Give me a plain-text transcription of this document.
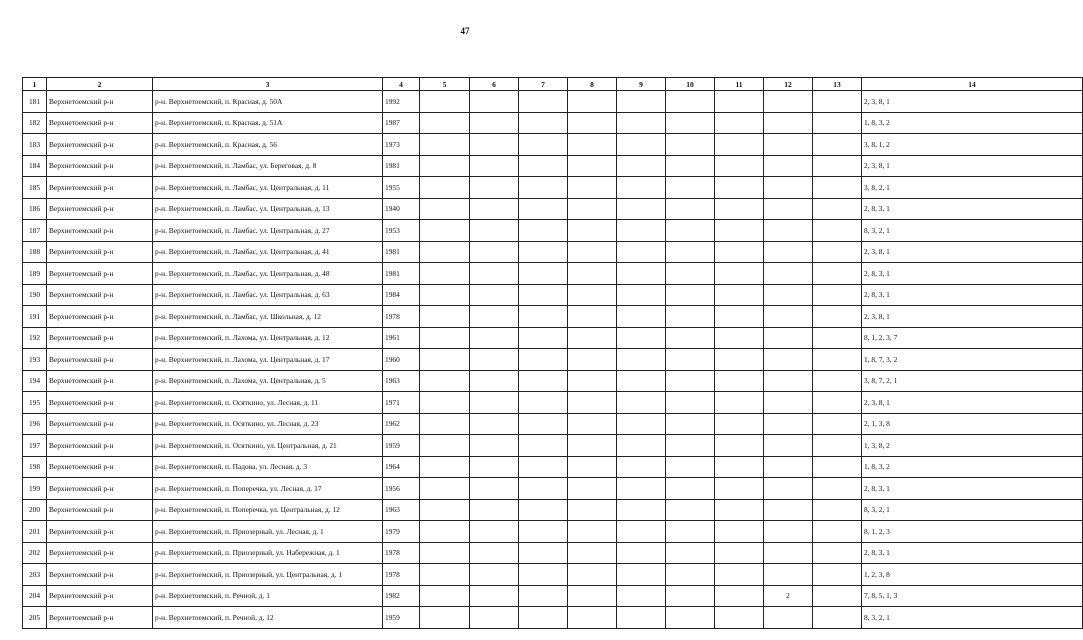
47
1	2	3	4	5	6	7	8	9	10	11	12	13	14
181	Верхнетоемский р-н	р-н. Верхнетоемский, п. Красная, д. 50А	1992										2, 3, 8, 1
182	Верхнетоемский р-н	р-н. Верхнетоемский, п. Красная, д. 51А	1987										1, 8, 3, 2
183	Верхнетоемский р-н	р-н. Верхнетоемский, п. Красная, д. 56	1973										3, 8, 1, 2
184	Верхнетоемский р-н	р-н. Верхнетоемский, п. Ламбас, ул. Береговая, д. 8	1981										2, 3, 8, 1
185	Верхнетоемский р-н	р-н. Верхнетоемский, п. Ламбас, ул. Центральная, д. 11	1955										3, 8, 2, 1
186	Верхнетоемский р-н	р-н. Верхнетоемский, п. Ламбас, ул. Центральная, д. 13	1940										2, 8, 3, 1
187	Верхнетоемский р-н	р-н. Верхнетоемский, п. Ламбас, ул. Центральная, д. 27	1953										8, 3, 2, 1
188	Верхнетоемский р-н	р-н. Верхнетоемский, п. Ламбас, ул. Центральная, д. 41	1981										2, 3, 8, 1
189	Верхнетоемский р-н	р-н. Верхнетоемский, п. Ламбас, ул. Центральная, д. 48	1981										2, 8, 3, 1
190	Верхнетоемский р-н	р-н. Верхнетоемский, п. Ламбас, ул. Центральная, д. 63	1984										2, 8, 3, 1
191	Верхнетоемский р-н	р-н. Верхнетоемский, п. Ламбас, ул. Школьная, д. 12	1978										2, 3, 8, 1
192	Верхнетоемский р-н	р-н. Верхнетоемский, п. Лахома, ул. Центральная, д. 12	1961										8, 1, 2, 3, 7
193	Верхнетоемский р-н	р-н. Верхнетоемский, п. Лахома, ул. Центральная, д. 17	1960										1, 8, 7, 3, 2
194	Верхнетоемский р-н	р-н. Верхнетоемский, п. Лахома, ул. Центральная, д. 5	1963										3, 8, 7, 2, 1
195	Верхнетоемский р-н	р-н. Верхнетоемский, п. Осяткино, ул. Лесная, д. 11	1971										2, 3, 8, 1
196	Верхнетоемский р-н	р-н. Верхнетоемский, п. Осяткино, ул. Лесная, д. 23	1962										2, 1, 3, 8
197	Верхнетоемский р-н	р-н. Верхнетоемский, п. Осяткино, ул. Центральная, д. 21	1959										1, 3, 8, 2
198	Верхнетоемский р-н	р-н. Верхнетоемский, п. Падова, ул. Лесная, д. 3	1964										1, 8, 3, 2
199	Верхнетоемский р-н	р-н. Верхнетоемский, п. Поперечка, ул. Лесная, д. 17	1956										2, 8, 3, 1
200	Верхнетоемский р-н	р-н. Верхнетоемский, п. Поперечка, ул. Центральная, д. 12	1963										8, 3, 2, 1
201	Верхнетоемский р-н	р-н. Верхнетоемский, п. Приозерный, ул. Лесная, д. 1	1979										8, 1, 2, 3
202	Верхнетоемский р-н	р-н. Верхнетоемский, п. Приозерный, ул. Набережная, д. 1	1978										2, 8, 3, 1
203	Верхнетоемский р-н	р-н. Верхнетоемский, п. Приозерный, ул. Центральная, д. 1	1978										1, 2, 3, 8
204	Верхнетоемский р-н	р-н. Верхнетоемский, п. Речной, д. 1	1982								2		7, 8, 5, 1, 3
205	Верхнетоемский р-н	р-н. Верхнетоемский, п. Речной, д. 12	1959										8, 3, 2, 1
